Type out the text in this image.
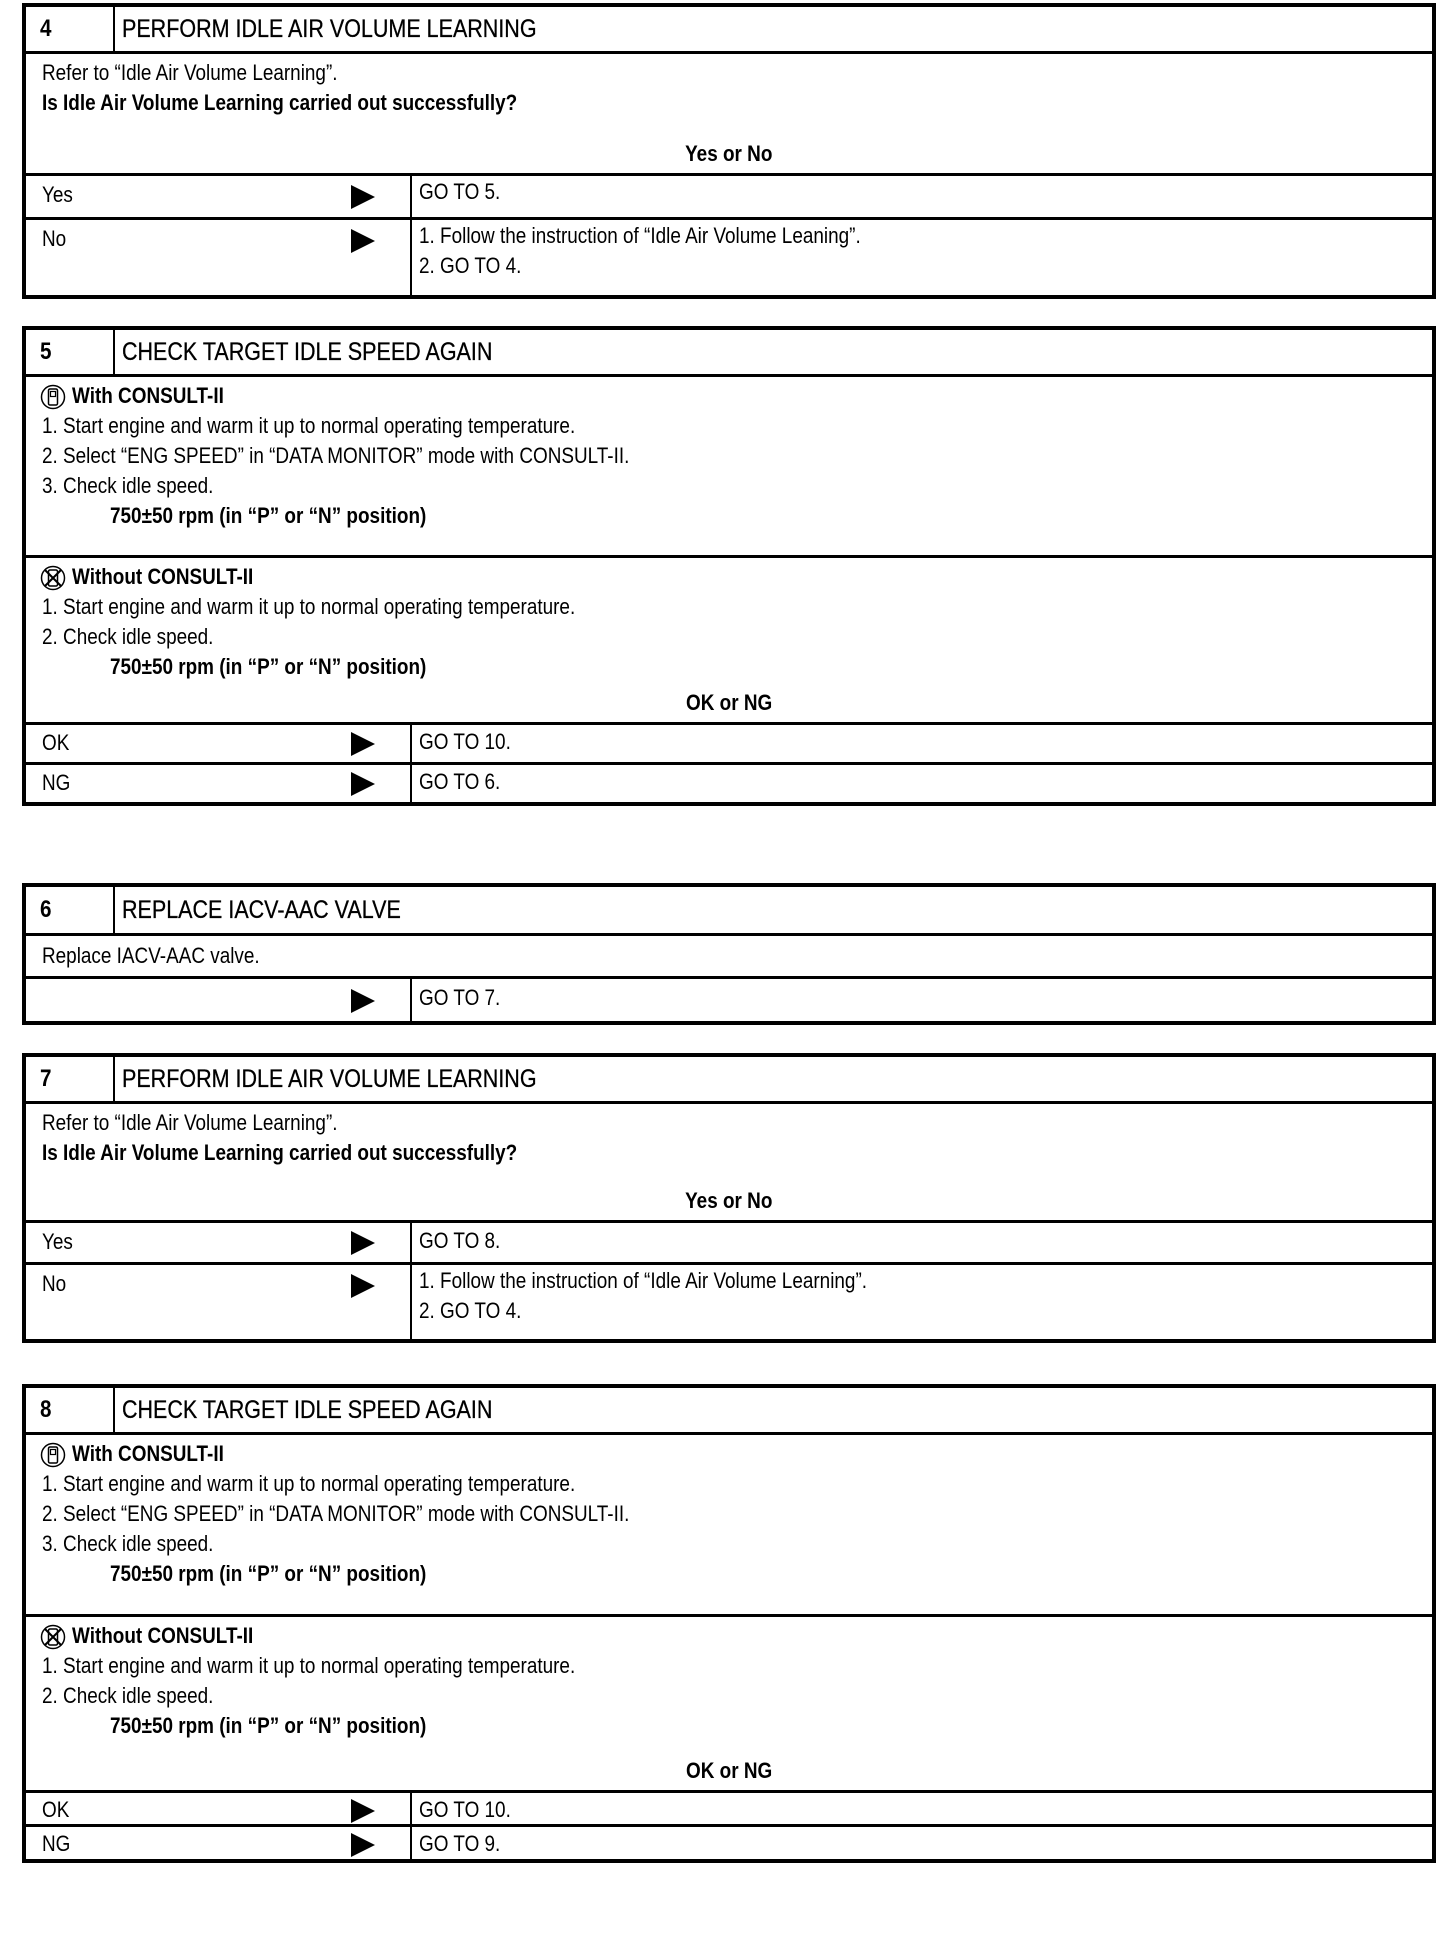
4	PERFORM IDLE AIR VOLUME LEARNING
Refer to “Idle Air Volume Learning”.
Is Idle Air Volume Learning carried out successfully?
Yes or No
Yes	GO TO 5.
No	1. Follow the instruction of “Idle Air Volume Leaning”.
2. GO TO 4.
5	CHECK TARGET IDLE SPEED AGAIN
With CONSULT-II
1. Start engine and warm it up to normal operating temperature.
2. Select “ENG SPEED” in “DATA MONITOR” mode with CONSULT-II.
3. Check idle speed.
750±50 rpm (in “P” or “N” position)
Without CONSULT-II
1. Start engine and warm it up to normal operating temperature.
2. Check idle speed.
750±50 rpm (in “P” or “N” position)
OK or NG
OK	GO TO 10.
NG	GO TO 6.
6	REPLACE IACV-AAC VALVE
Replace IACV-AAC valve.
GO TO 7.
7	PERFORM IDLE AIR VOLUME LEARNING
Refer to “Idle Air Volume Learning”.
Is Idle Air Volume Learning carried out successfully?
Yes or No
Yes	GO TO 8.
No	1. Follow the instruction of “Idle Air Volume Learning”.
2. GO TO 4.
8	CHECK TARGET IDLE SPEED AGAIN
With CONSULT-II
1. Start engine and warm it up to normal operating temperature.
2. Select “ENG SPEED” in “DATA MONITOR” mode with CONSULT-II.
3. Check idle speed.
750±50 rpm (in “P” or “N” position)
Without CONSULT-II
1. Start engine and warm it up to normal operating temperature.
2. Check idle speed.
750±50 rpm (in “P” or “N” position)
OK or NG
OK	GO TO 10.
NG	GO TO 9.
